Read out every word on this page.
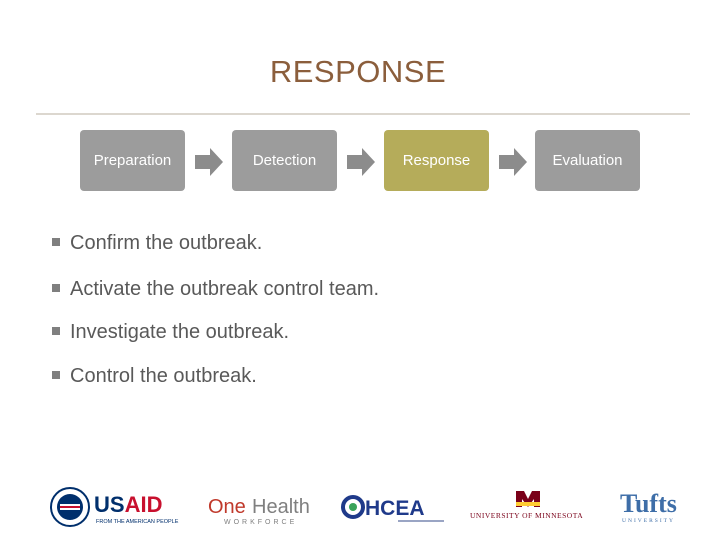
RESPONSE
Preparation	Detection	Response	Evaluation
Confirm the outbreak.
Activate the outbreak control team.
Investigate the outbreak.
Control the outbreak.
USAID
FROM THE AMERICAN PEOPLE
One Health
WORKFORCE
HCEA	UNIVERSITY OF MINNESOTA Tufts
UNIVERSITY
